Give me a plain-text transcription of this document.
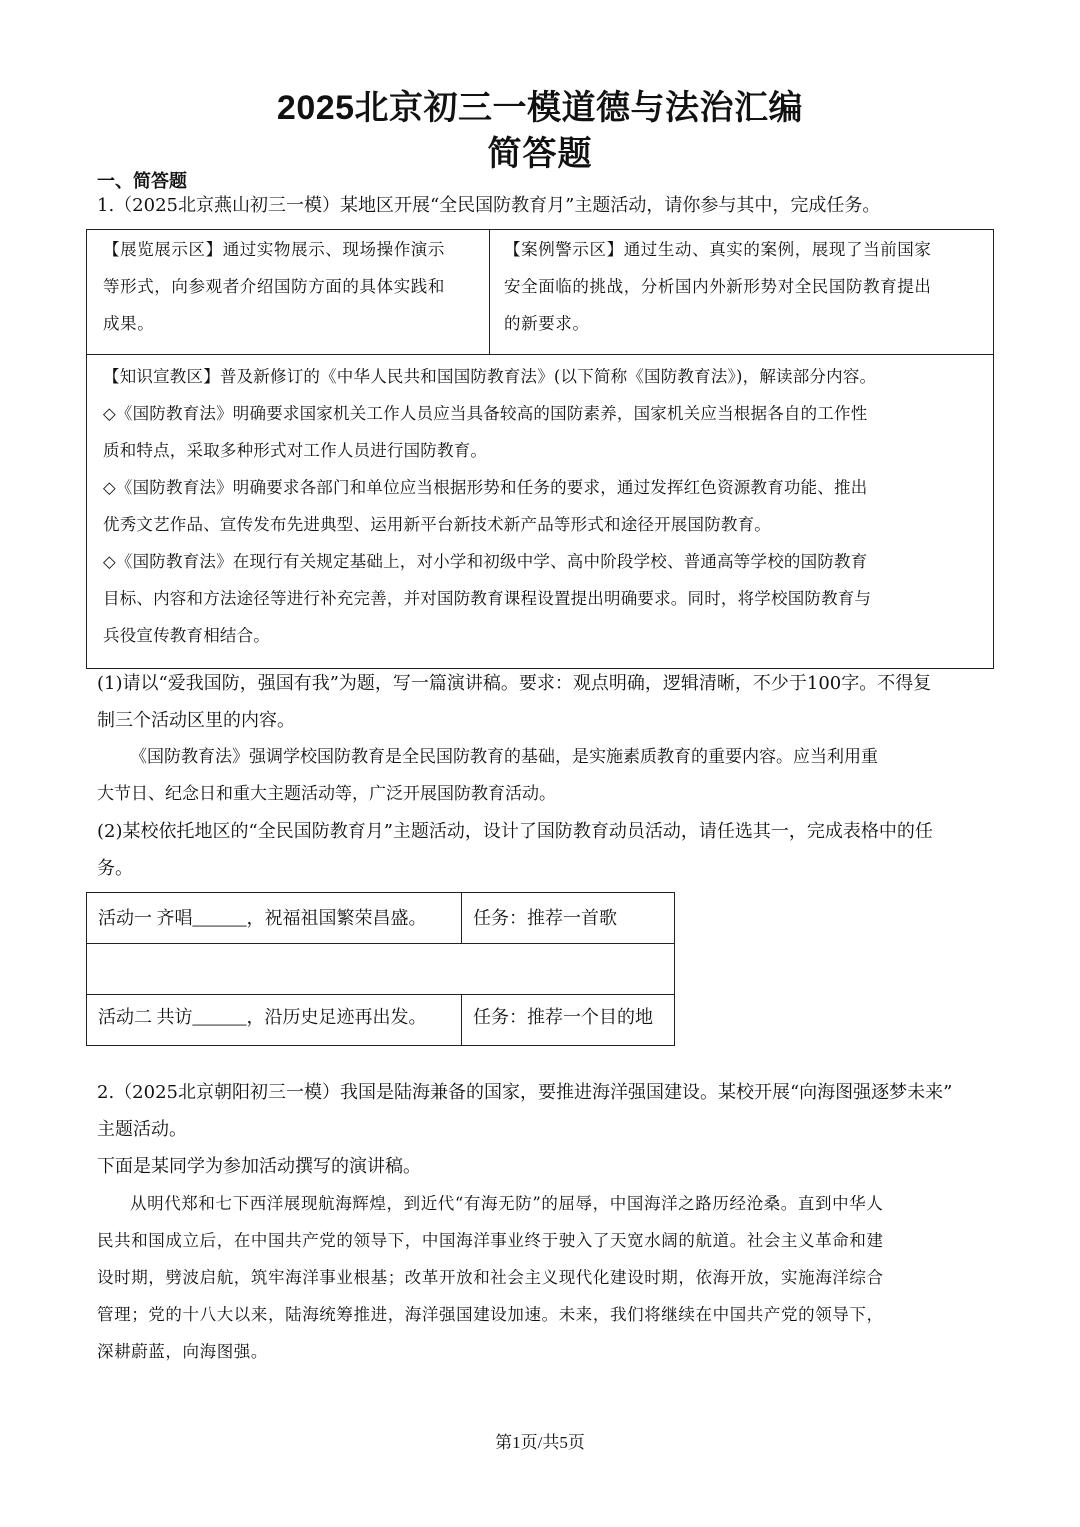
2025北京初三一模道德与法治汇编
简答题
一、简答题
1.（2025北京燕山初三一模）某地区开展“全民国防教育月”主题活动，请你参与其中，完成任务。
【展览展示区】通过实物展示、现场操作演示
等形式，向参观者介绍国防方面的具体实践和
成果。
【案例警示区】通过生动、真实的案例，展现了当前国家
安全面临的挑战，分析国内外新形势对全民国防教育提出
的新要求。
【知识宣教区】普及新修订的《中华人民共和国国防教育法》(以下简称《国防教育法》)，解读部分内容。
◇《国防教育法》明确要求国家机关工作人员应当具备较高的国防素养，国家机关应当根据各自的工作性
质和特点，采取多种形式对工作人员进行国防教育。
◇《国防教育法》明确要求各部门和单位应当根据形势和任务的要求，通过发挥红色资源教育功能、推出
优秀文艺作品、宣传发布先进典型、运用新平台新技术新产品等形式和途径开展国防教育。
◇《国防教育法》在现行有关规定基础上，对小学和初级中学、高中阶段学校、普通高等学校的国防教育
目标、内容和方法途径等进行补充完善，并对国防教育课程设置提出明确要求。同时，将学校国防教育与
兵役宣传教育相结合。
(1)请以“爱我国防，强国有我”为题，写一篇演讲稿。要求：观点明确，逻辑清晰，不少于100字。不得复
制三个活动区里的内容。
《国防教育法》强调学校国防教育是全民国防教育的基础，是实施素质教育的重要内容。应当利用重
大节日、纪念日和重大主题活动等，广泛开展国防教育活动。
(2)某校依托地区的“全民国防教育月”主题活动，设计了国防教育动员活动，请任选其一，完成表格中的任
务。
活动一 齐唱______，祝福祖国繁荣昌盛。	任务：推荐一首歌
活动二 共访______，沿历史足迹再出发。	任务：推荐一个目的地
2.（2025北京朝阳初三一模）我国是陆海兼备的国家，要推进海洋强国建设。某校开展“向海图强逐梦未来”
主题活动。
下面是某同学为参加活动撰写的演讲稿。
从明代郑和七下西洋展现航海辉煌，到近代“有海无防”的屈辱，中国海洋之路历经沧桑。直到中华人
民共和国成立后，在中国共产党的领导下，中国海洋事业终于驶入了天宽水阔的航道。社会主义革命和建
设时期，劈波启航，筑牢海洋事业根基；改革开放和社会主义现代化建设时期，依海开放，实施海洋综合
管理；党的十八大以来，陆海统筹推进，海洋强国建设加速。未来，我们将继续在中国共产党的领导下，
深耕蔚蓝，向海图强。
第1页/共5页
